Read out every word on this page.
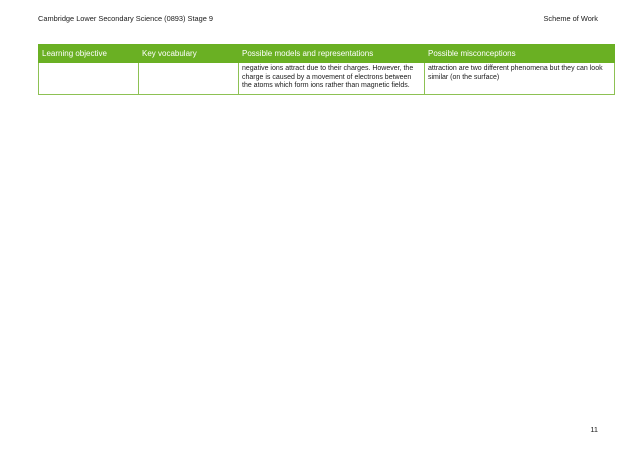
Cambridge Lower Secondary Science (0893) Stage 9	Scheme of Work
Learning objective	Key vocabulary	Possible models and representations	Possible misconceptions
		negative ions attract due to their charges. However, the charge is caused by a movement of electrons between the atoms which form ions rather than magnetic fields.	attraction are two different phenomena but they can look similar (on the surface)
11
